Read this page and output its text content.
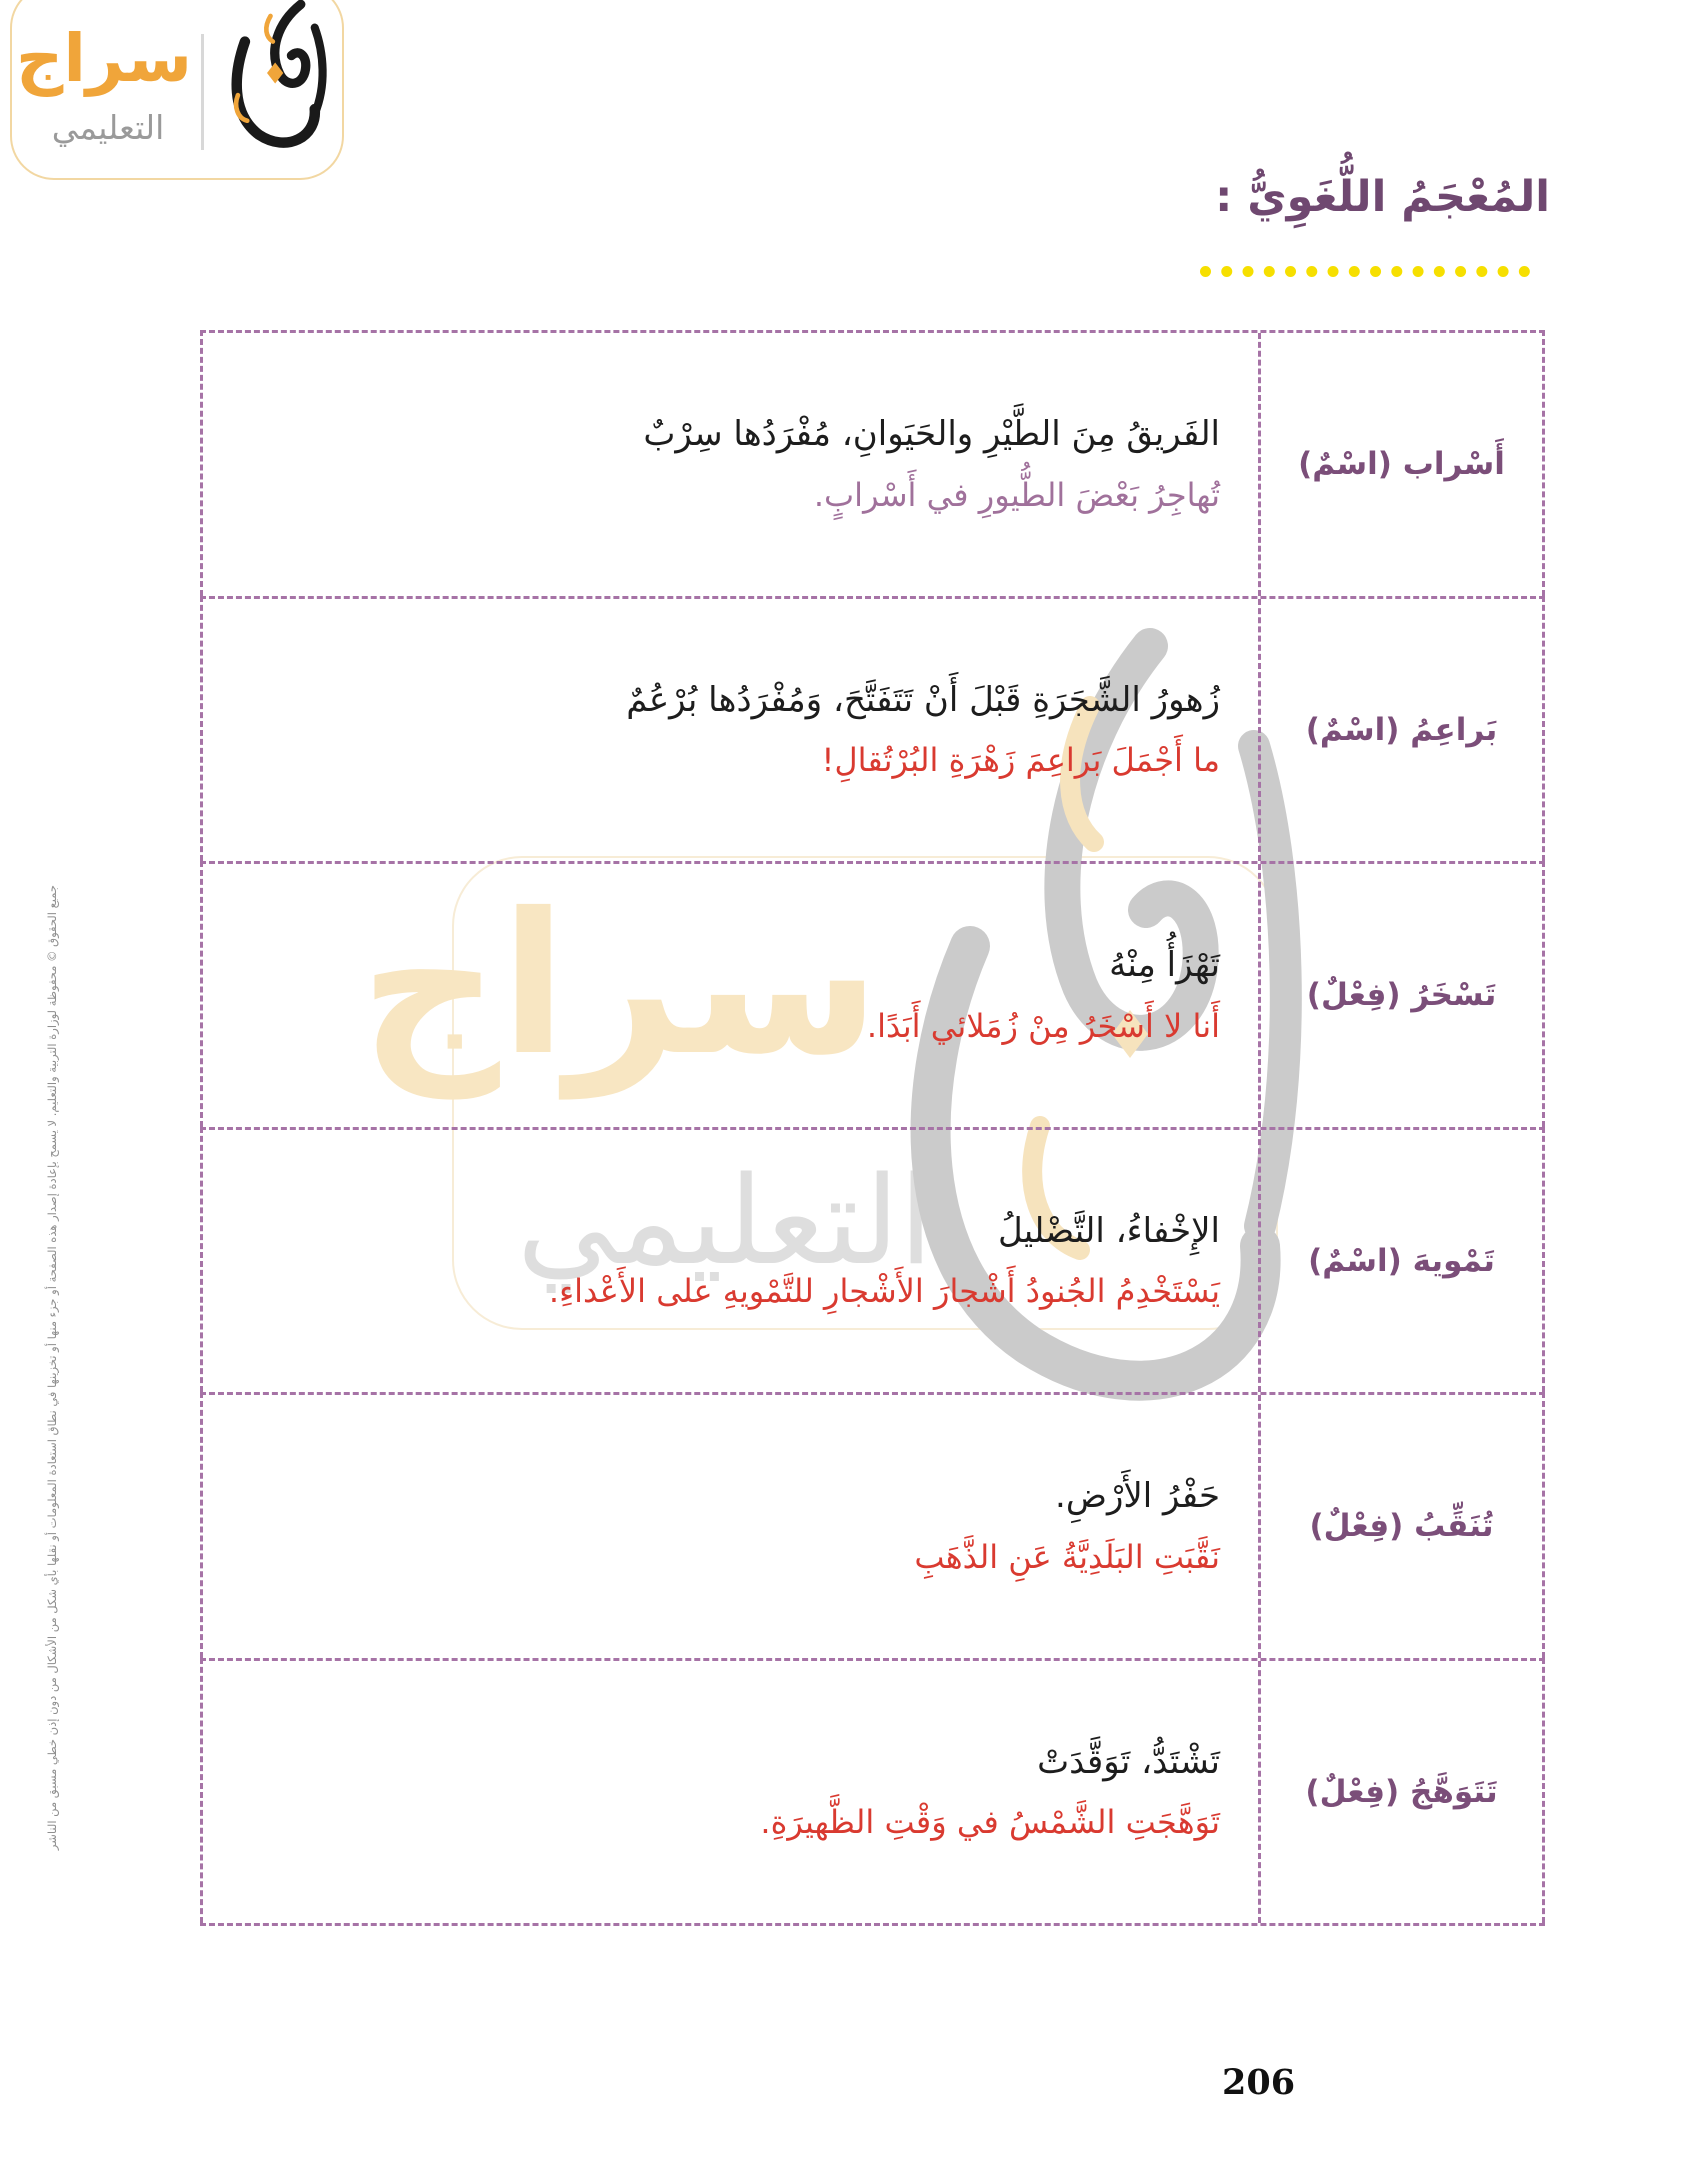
سراج
التعليمي
جميع الحقوق © محفوظة لوزارة التربية والتعليم. لا يسمح بإعادة إصدار هذه الصفحة أو جزء منها أو تخزينها في نطاق استعادة المعلومات أو نقلها بأي شكل من الأشكال من دون إذن خطي مسبق من الناشر سراج
التعليمي
المُعْجَمُ اللُّغَوِيُّ :
الفَريقُ مِنَ الطَّيْرِ والحَيَوانِ، مُفْرَدُها سِرْبٌ
تُهاجِرُ بَعْضَ الطُّيورِ في أَسْرابٍ.
أَسْراب (اسْمٌ)
زُهورُ الشَّجَرَةِ قَبْلَ أَنْ تَتَفَتَّحَ، وَمُفْرَدُها بُرْعُمٌ
ما أَجْمَلَ بَراعِمَ زَهْرَةِ البُرْتُقالِ!
بَراعِمُ (اسْمٌ)
تَهْزَأُ مِنْهُ
أَنا لا أَسْخَرُ مِنْ زُمَلائي أَبَدًا.
تَسْخَرُ (فِعْلٌ)
الإِخْفاءُ، التَّضْليلُ
يَسْتَخْدِمُ الجُنودُ أَشْجارَ الأَشْجارِ للتَّمْويهِ على الأَعْداءِ.
تَمْويهَ (اسْمٌ)
حَفْرُ الأَرْضِ.
نَقَّبَتِ البَلَدِيَّةُ عَنِ الذَّهَبِ
تُنَقِّبُ (فِعْلٌ)
تَشْتَدُّ، تَوَقَّدَتْ
تَوَهَّجَتِ الشَّمْسُ في وَقْتِ الظَّهيرَةِ.
تَتَوَهَّجُ (فِعْلٌ)
206
